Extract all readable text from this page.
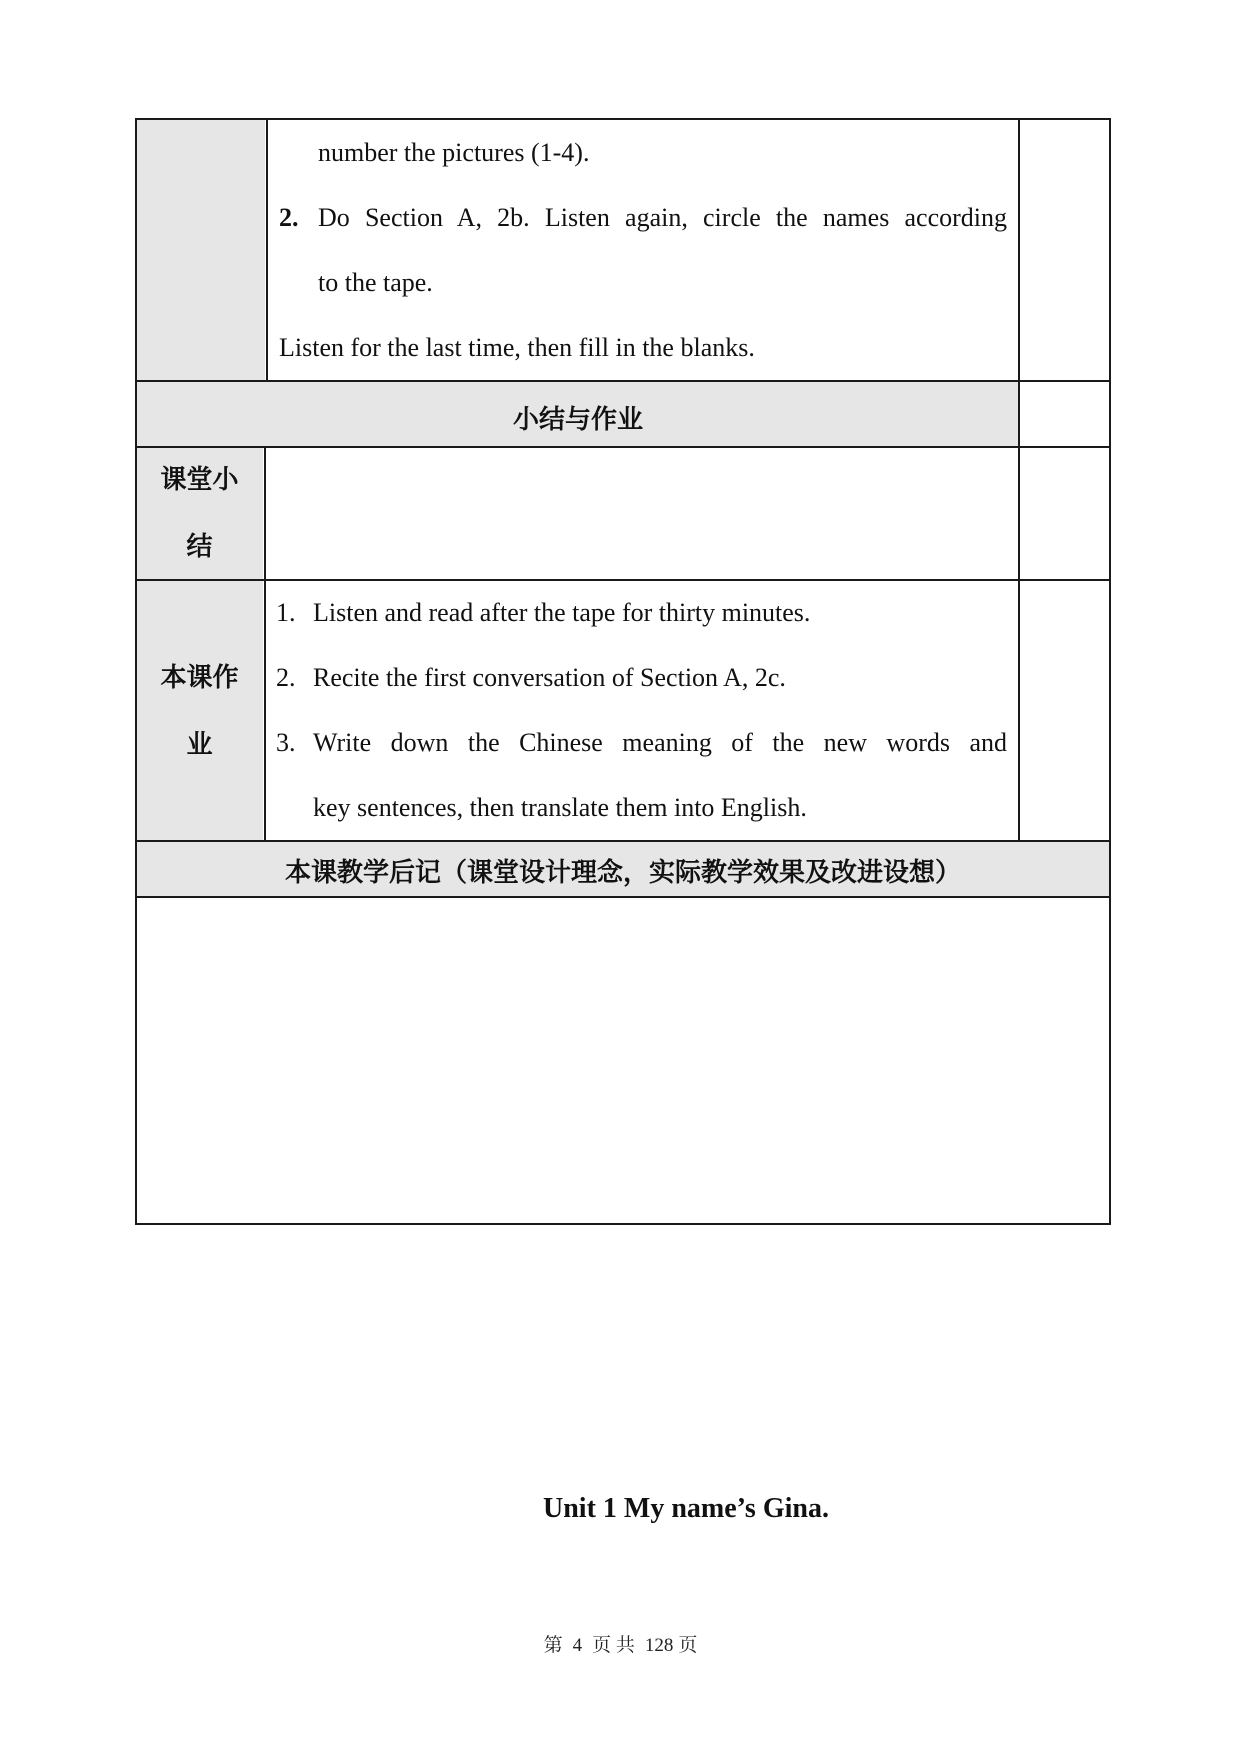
number the pictures (1-4).
2. Do Section A, 2b. Listen again, circle the names according
to the tape.
Listen for the last time, then fill in the blanks.
小结与作业
课堂小
结
本课作
业
1. Listen and read after the tape for thirty minutes.
2. Recite the first conversation of Section A, 2c.
3. Write down the Chinese meaning of the new words and
key sentences, then translate them into English.
本课教学后记（课堂设计理念，实际教学效果及改进设想）
Unit 1 My name’s Gina.
第 4 页 共 128 页
